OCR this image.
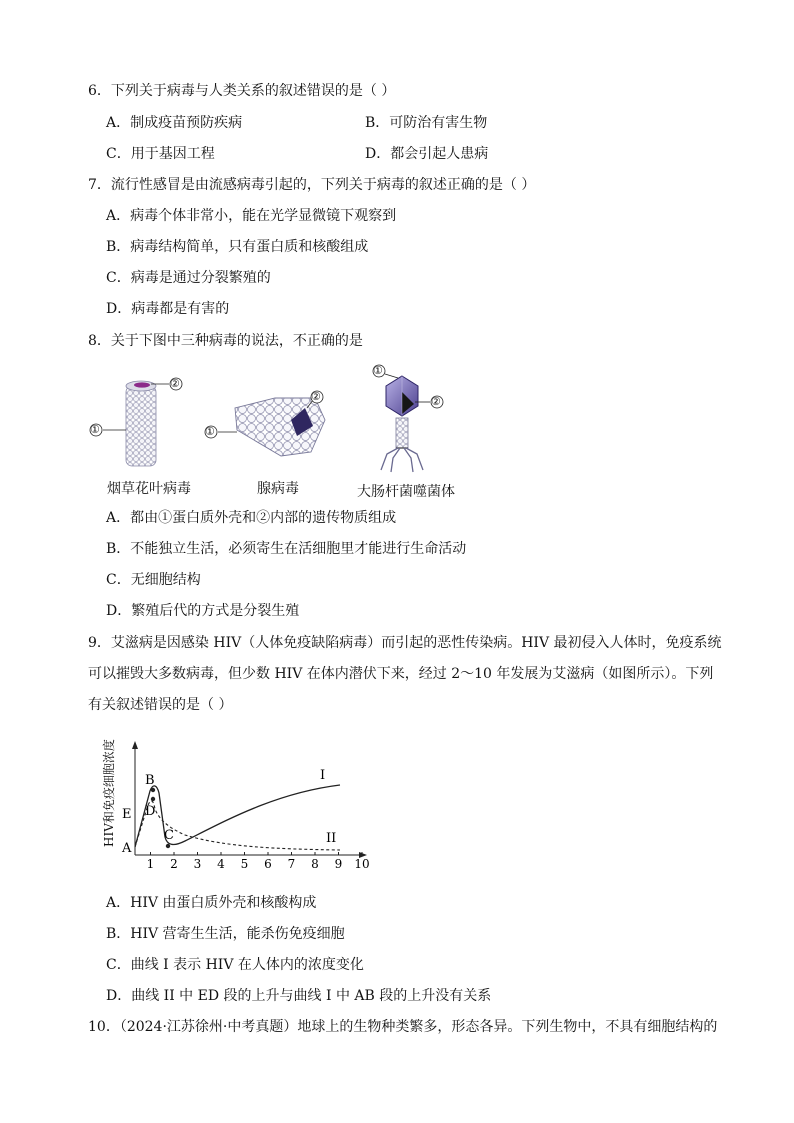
6．下列关于病毒与人类关系的叙述错误的是（ ）
A．制成疫苗预防疾病	B．可防治有害生物
C．用于基因工程	D．都会引起人患病
7．流行性感冒是由流感病毒引起的，下列关于病毒的叙述正确的是（ ）
A．病毒个体非常小，能在光学显微镜下观察到
B．病毒结构简单，只有蛋白质和核酸组成
C．病毒是通过分裂繁殖的
D．病毒都是有害的
8．关于下图中三种病毒的说法，不正确的是
②
①
②
①
①
②
烟草花叶病毒	腺病毒	大肠杆菌噬菌体
A．都由①蛋白质外壳和②内部的遗传物质组成
B．不能独立生活，必须寄生在活细胞里才能进行生命活动
C．无细胞结构
D．繁殖后代的方式是分裂生殖
9．艾滋病是因感染 HIV（人体免疫缺陷病毒）而引起的恶性传染病。HIV 最初侵入人体时，免疫系统
可以摧毁大多数病毒，但少数 HIV 在体内潜伏下来，经过 2～10 年发展为艾滋病（如图所示）。下列
有关叙述错误的是（ ）
HIV和免疫细胞浓度
1 2 3 4 5 6 7 8 9 10
A
B
D
E
C
I
II
A．HIV 由蛋白质外壳和核酸构成
B．HIV 营寄生生活，能杀伤免疫细胞
C．曲线 I 表示 HIV 在人体内的浓度变化
D．曲线 II 中 ED 段的上升与曲线 I 中 AB 段的上升没有关系
10．（2024·江苏徐州·中考真题）地球上的生物种类繁多，形态各异。下列生物中，不具有细胞结构的
